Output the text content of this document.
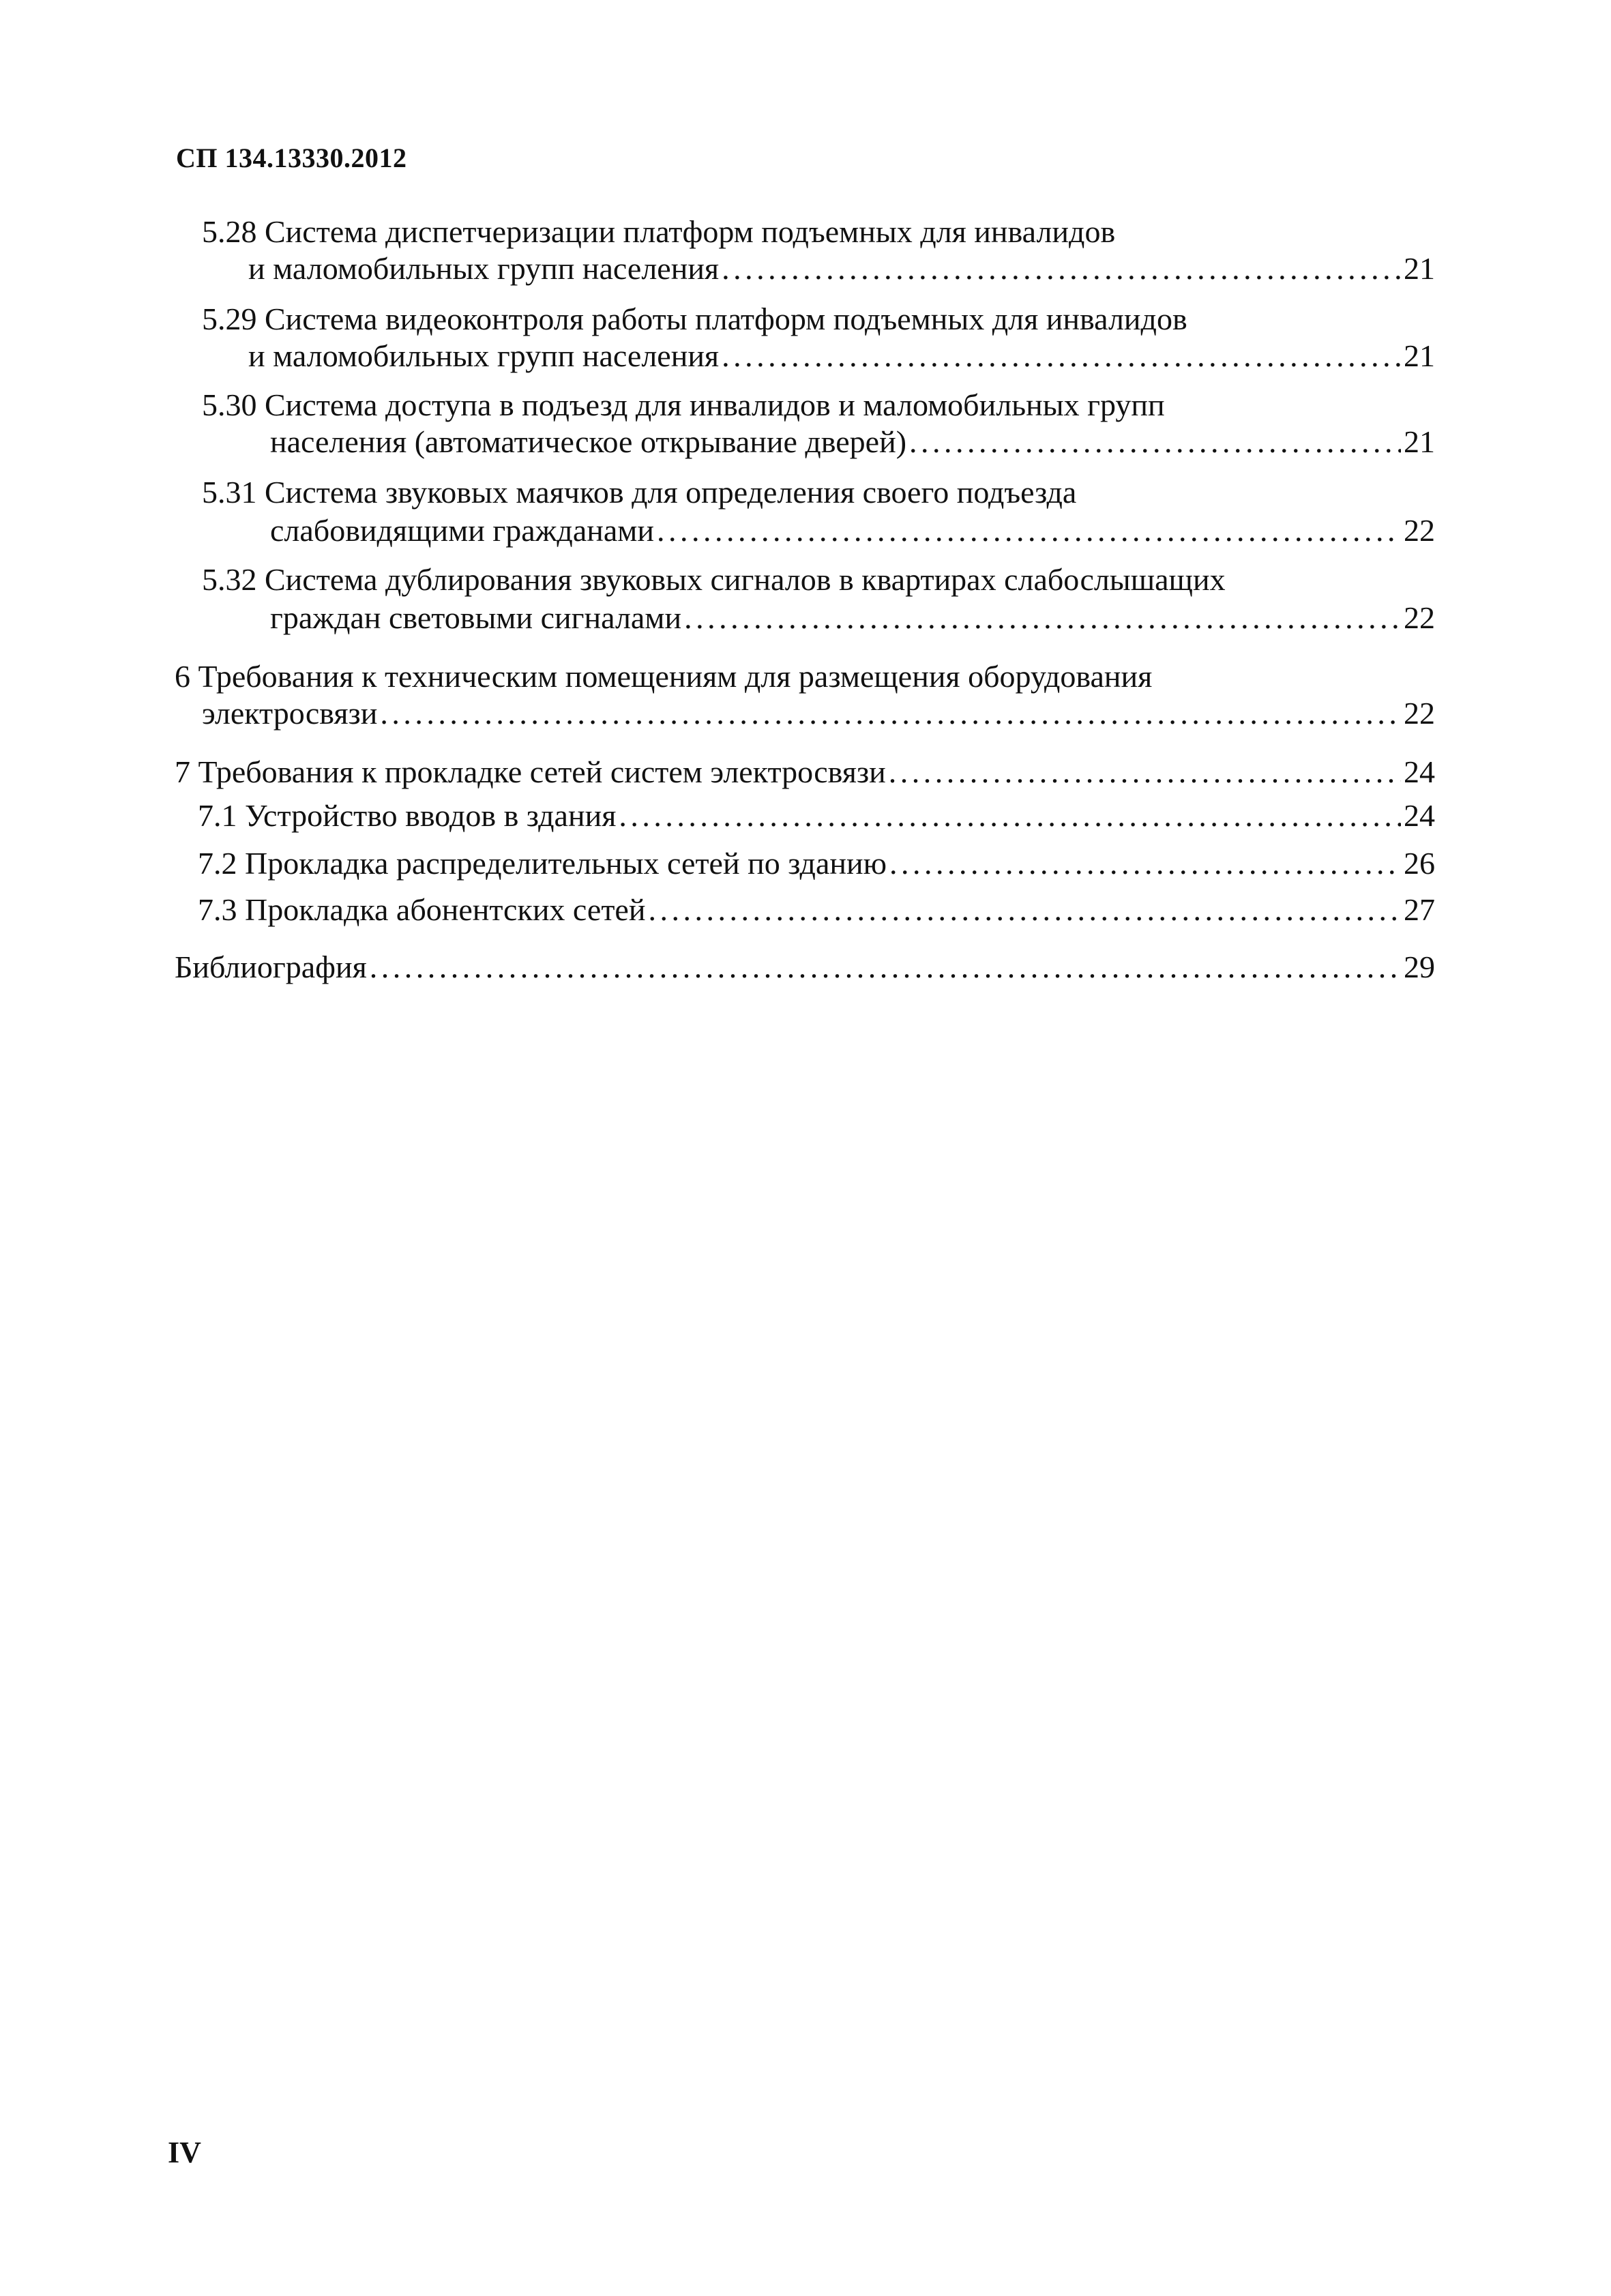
СП 134.13330.2012
5.28 Система диспетчеризации платформ подъемных для инвалидов
и маломобильных групп населения . . .	21
5.29 Система видеоконтроля работы платформ подъемных для инвалидов
и маломобильных групп населения . . .	21
5.30 Система доступа в подъезд для инвалидов и маломобильных групп
населения (автоматическое открывание дверей) . . .	21
5.31 Система звуковых маячков для определения своего подъезда
слабовидящими гражданами . . .	22
5.32 Система дублирования звуковых сигналов в квартирах слабослышащих
граждан световыми сигналами . . .	22
6 Требования к техническим помещениям для размещения оборудования
электросвязи . . .	22
7 Требования к прокладке сетей систем электросвязи . . .	24
7.1 Устройство вводов в здания . . .	24
7.2 Прокладка распределительных сетей по зданию . . .	26
7.3 Прокладка абонентских сетей . . .	27
Библиография . . .	29
IV
